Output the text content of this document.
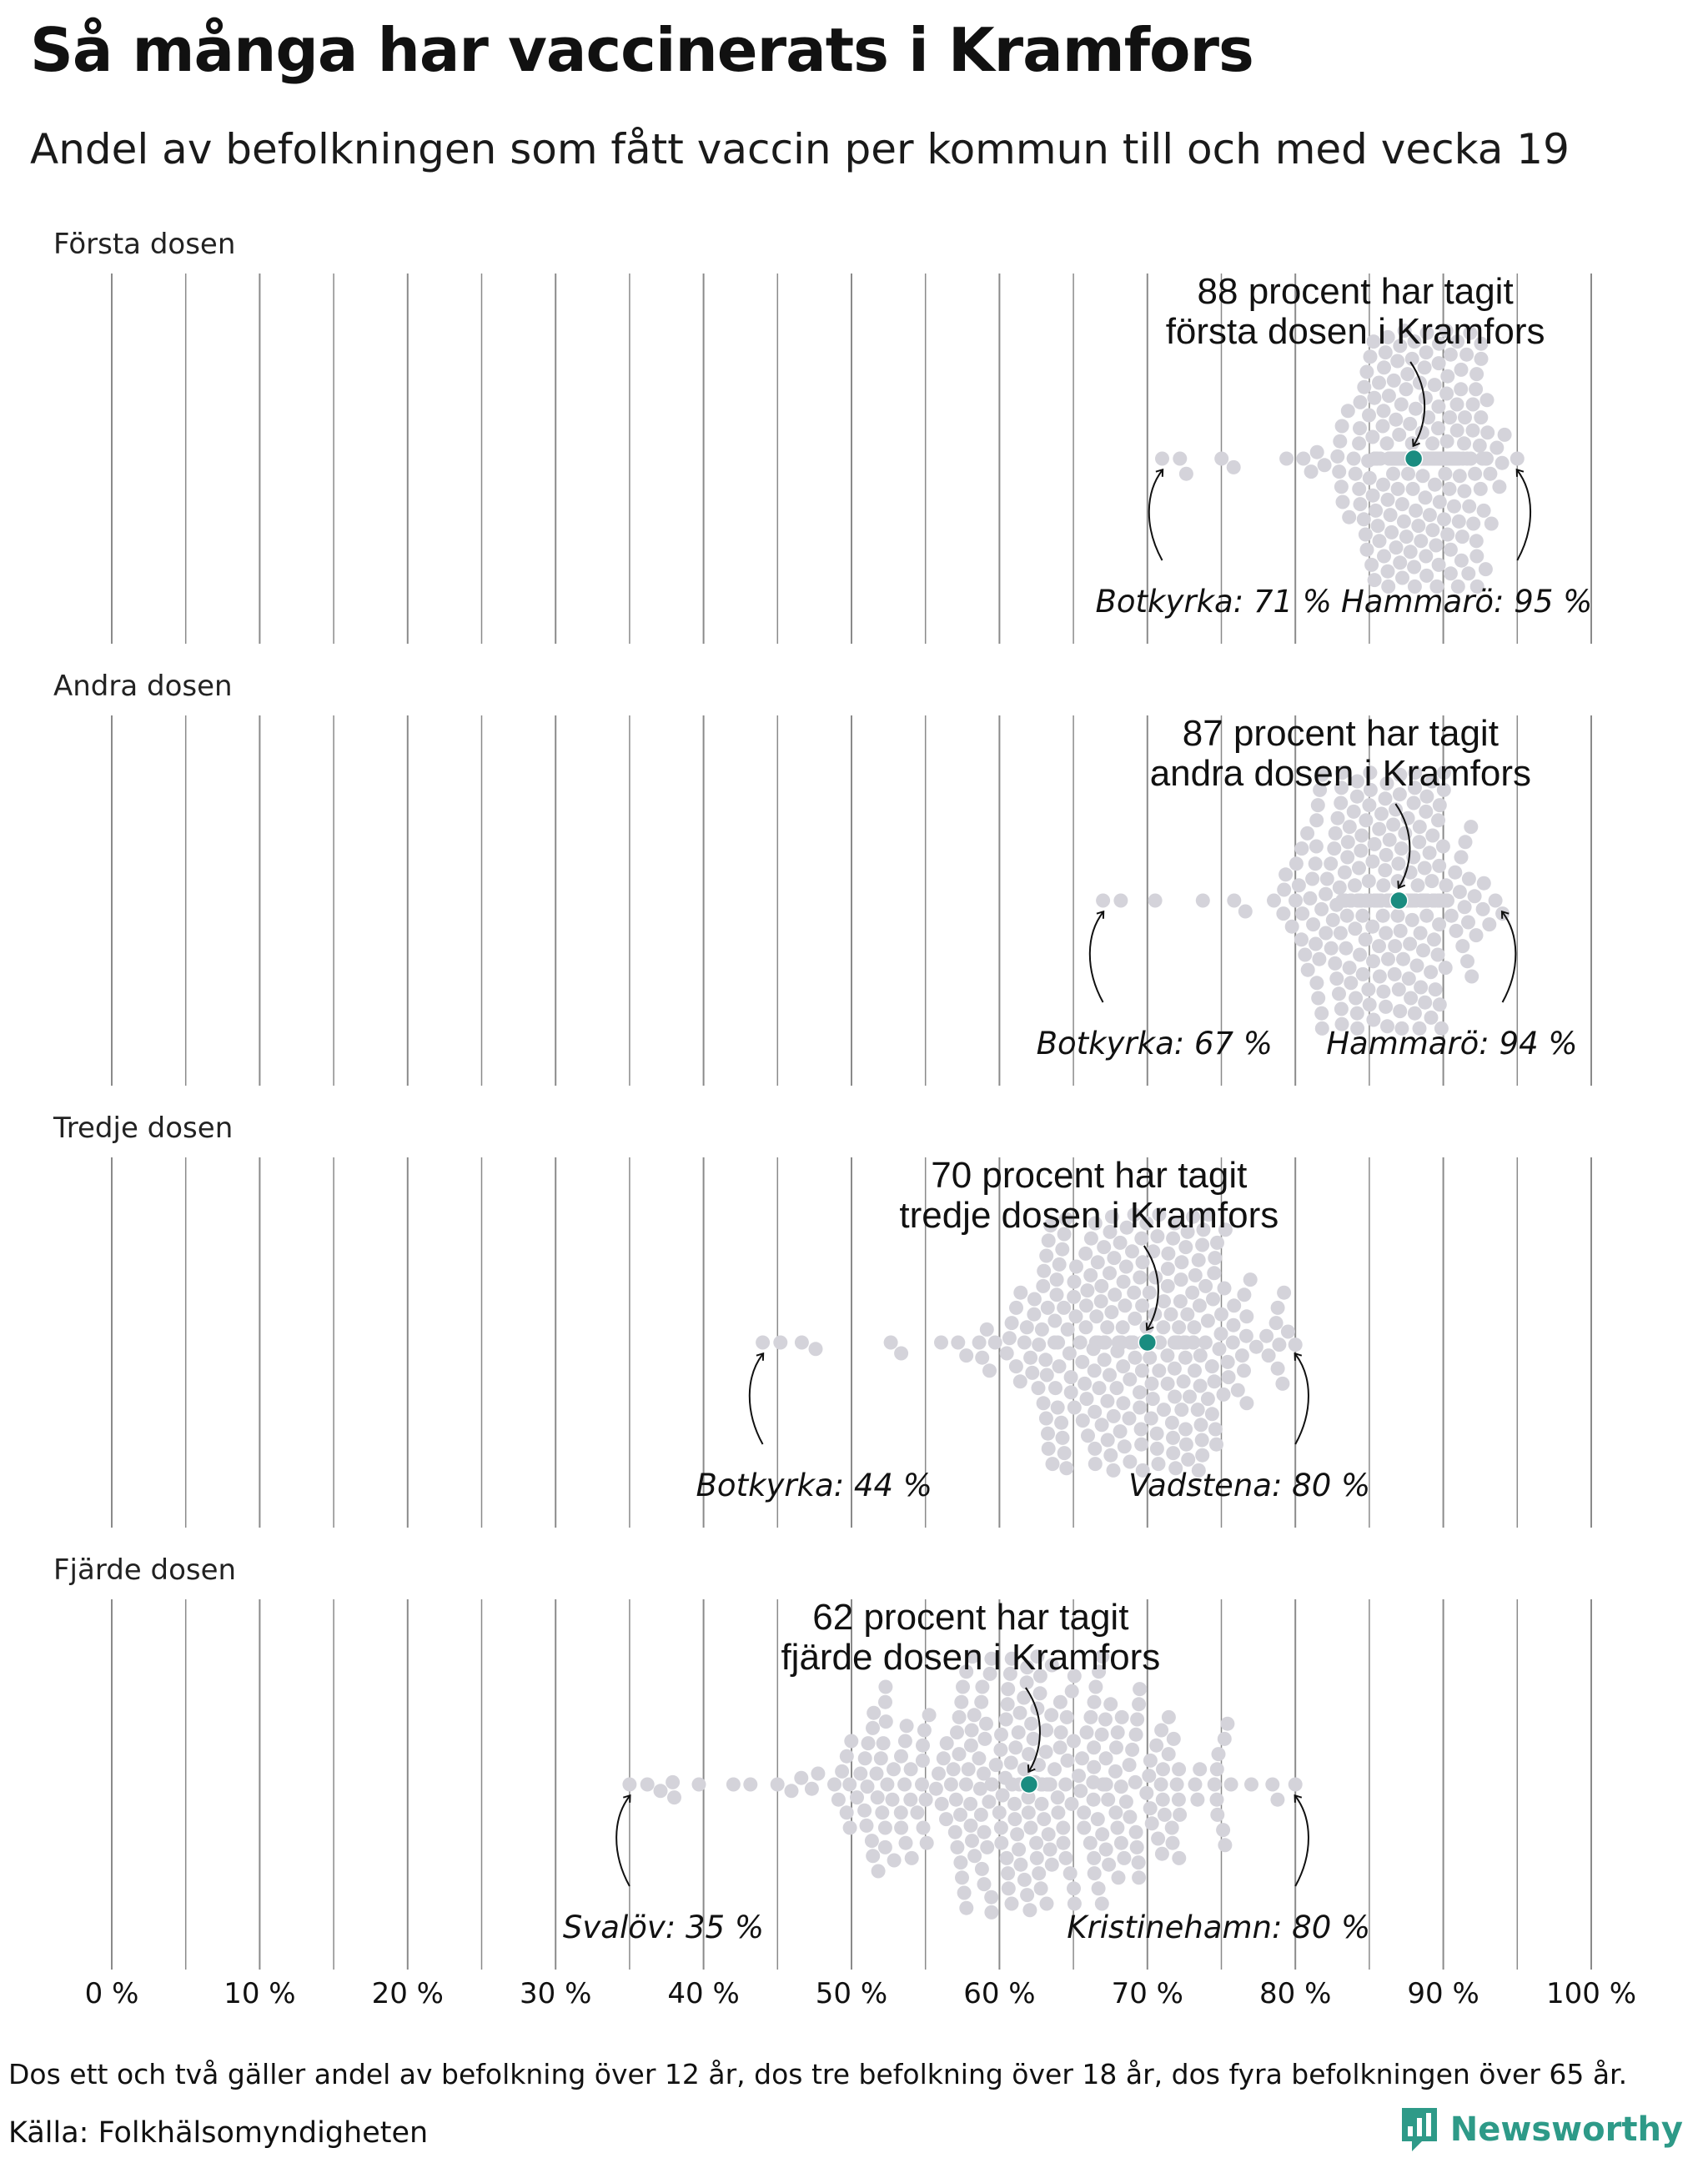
Så många har vaccinerats i Kramfors

Andel av befolkningen som fått vaccin per kommun till och med vecka 19

Första dosen
88 procent har tagit
första dosen i Kramfors
Botkyrka: 71 % Hammarö: 95 %
Andra dosen
87 procent har tagit
andra dosen i Kramfors
Botkyrka: 67 % Hammarö: 94 %
Tredje dosen
70 procent har tagit
tredje dosen i Kramfors
Botkyrka: 44 %	Vadstena: 80 %
Fjärde dosen
62 procent har tagit
fjärde dosen i Kramfors
Svalöv: 35 %	Kristinehamn: 80 %
0 %	10 %	20 %	30 %	40 %	50 %	60 %	70 %	80 %	90 % 100 %

Dos ett och två gäller andel av befolkning över 12 år, dos tre befolkning över 18 år, dos fyra befolkningen över 65 år.

Källa: Folkhälsomyndigheten	Newsworthy
